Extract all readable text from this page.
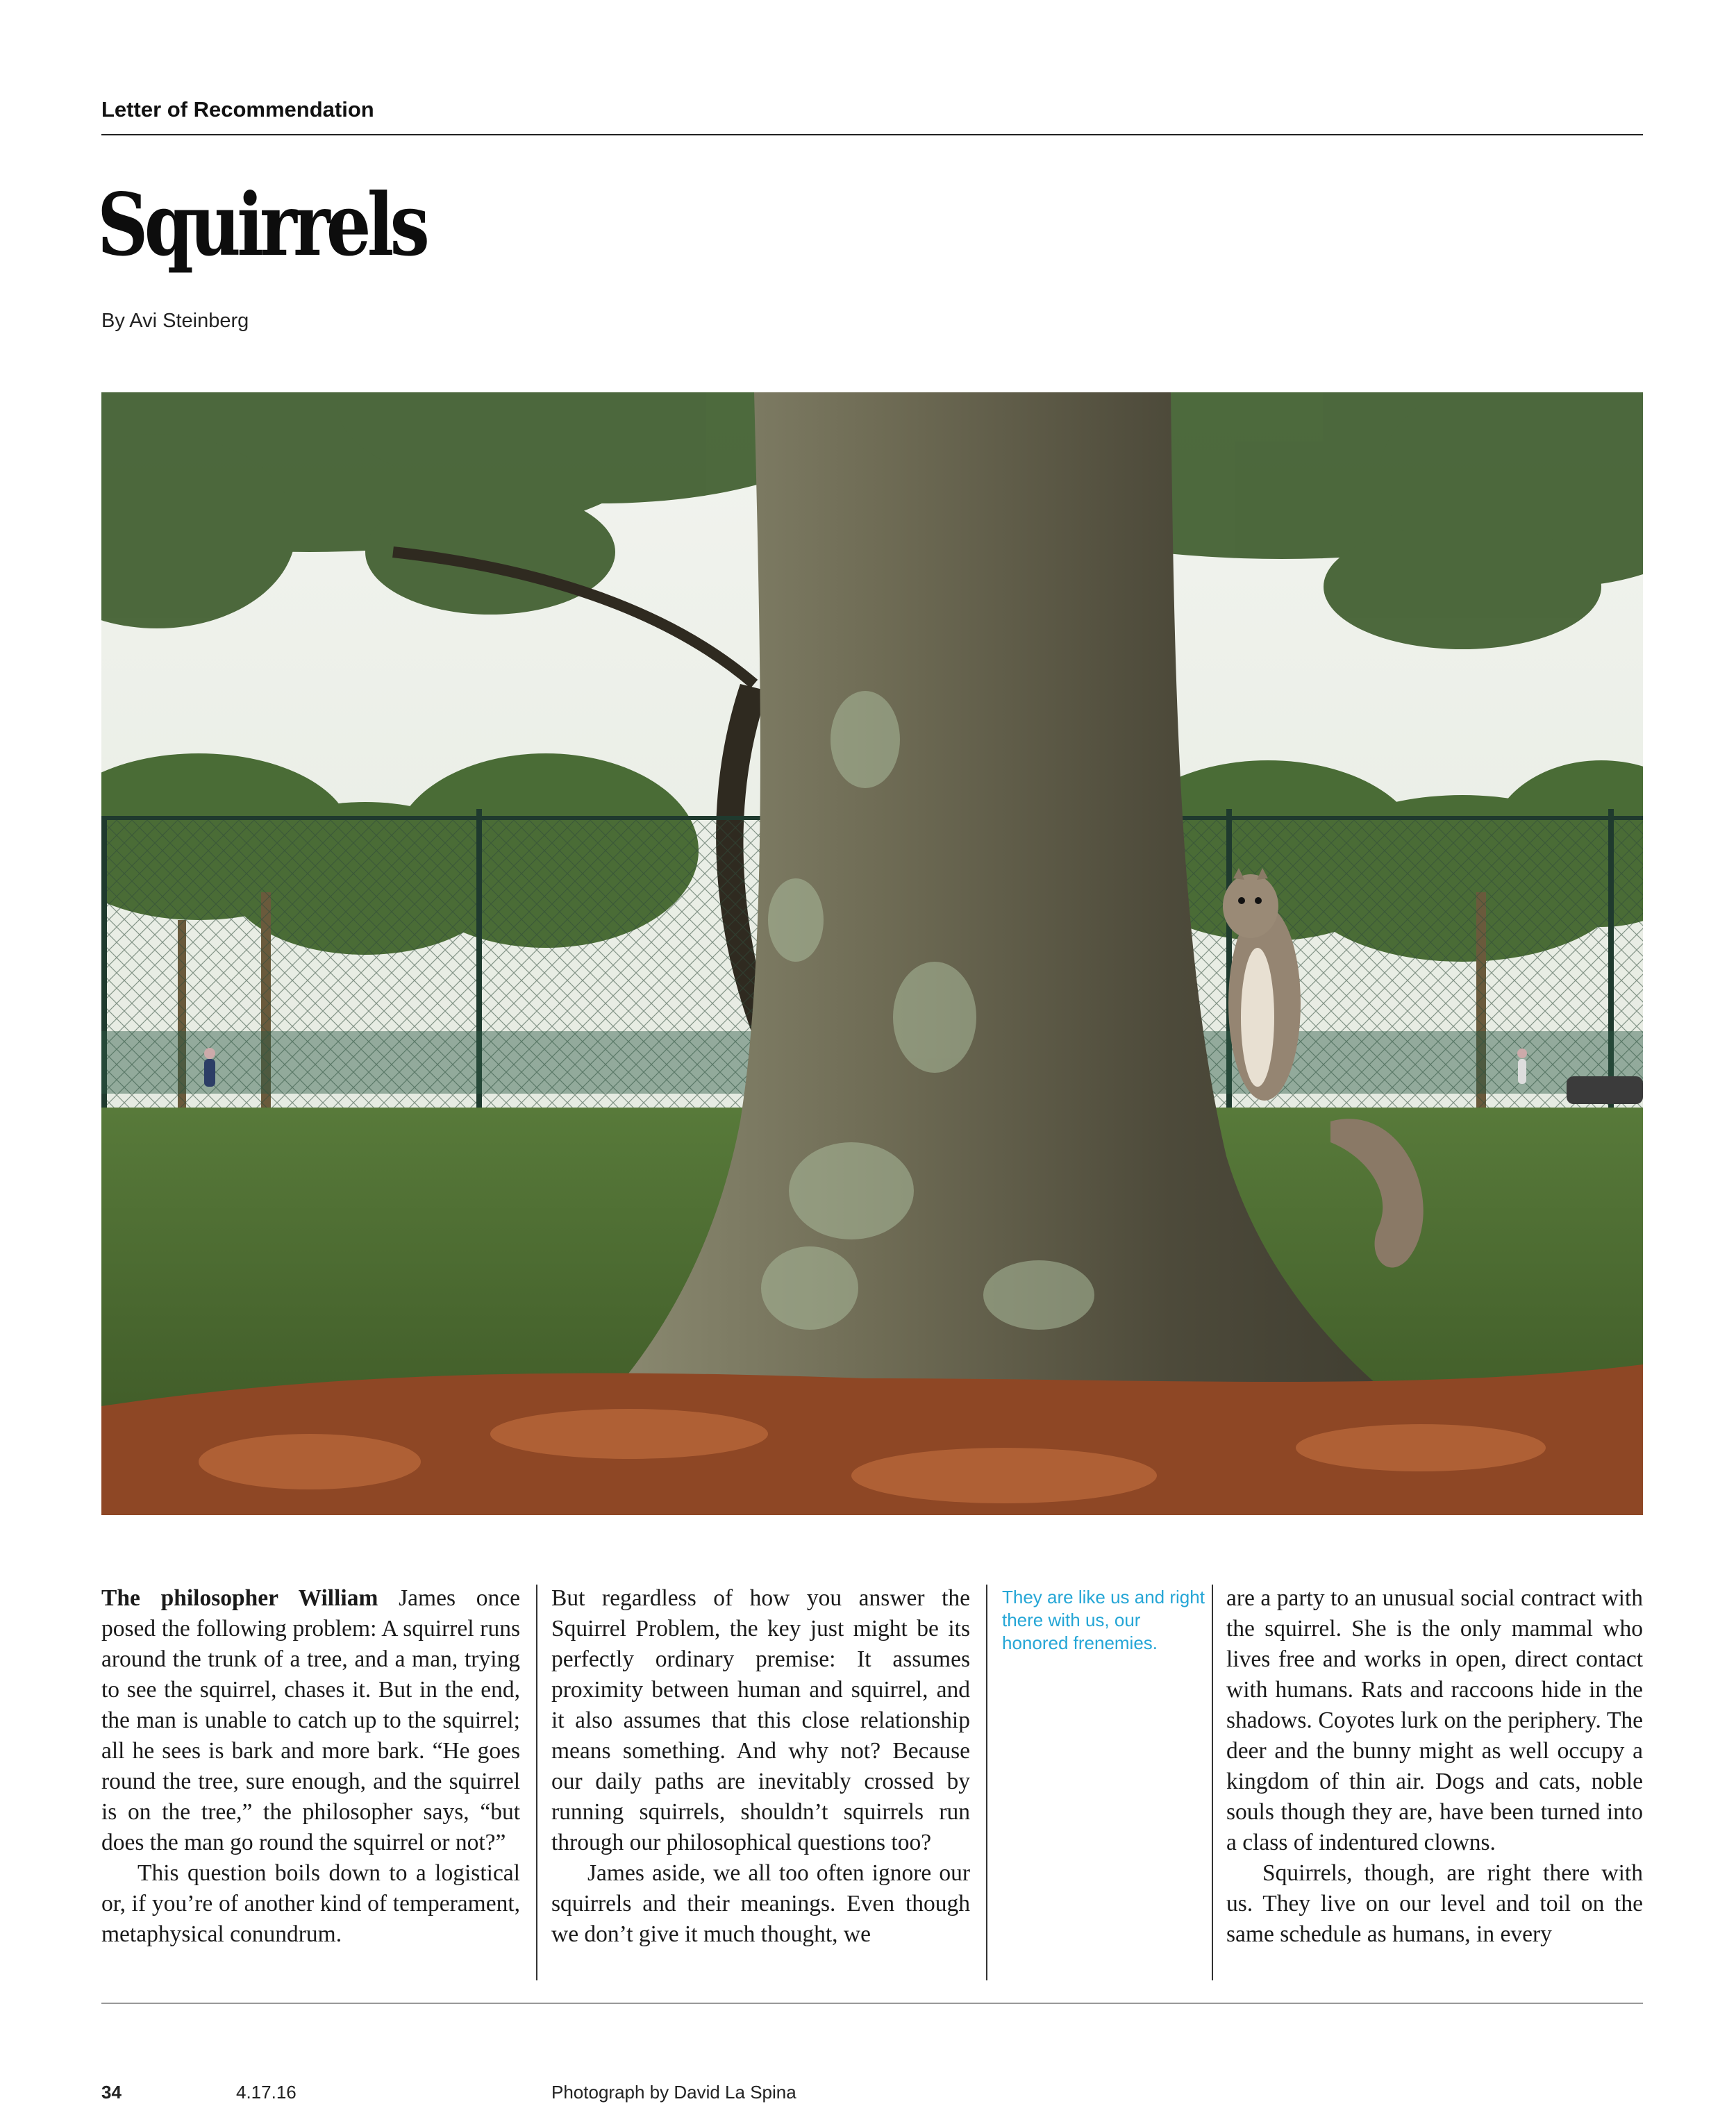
Letter of Recommendation
Squirrels
By Avi Steinberg

The philosopher William James once posed the following problem: A squirrel runs around the trunk of a tree, and a man, trying to see the squirrel, chases it. But in the end, the man is unable to catch up to the squirrel; all he sees is bark and more bark. “He goes round the tree, sure enough, and the squirrel is on the tree,” the philosopher says, “but does the man go round the squirrel or not?”

This question boils down to a logistical or, if you’re of another kind of temperament, metaphysical conundrum.

But regardless of how you answer the Squirrel Problem, the key just might be its perfectly ordinary premise: It assumes proximity between human and squirrel, and it also assumes that this close relationship means something. And why not? Because our daily paths are inevitably crossed by running squirrels, shouldn’t squirrels run through our philosophical questions too?

James aside, we all too often ignore our squirrels and their meanings. Even though we don’t give it much thought, we

They are like us and right there with us, our honored frenemies.

are a party to an unusual social contract with the squirrel. She is the only mammal who lives free and works in open, direct contact with humans. Rats and raccoons hide in the shadows. Coyotes lurk on the periphery. The deer and the bunny might as well occupy a kingdom of thin air. Dogs and cats, noble souls though they are, have been turned into a class of indentured clowns.

Squirrels, though, are right there with us. They live on our level and toil on the same schedule as humans, in every

34	4.17.16	Photograph by David La Spina
